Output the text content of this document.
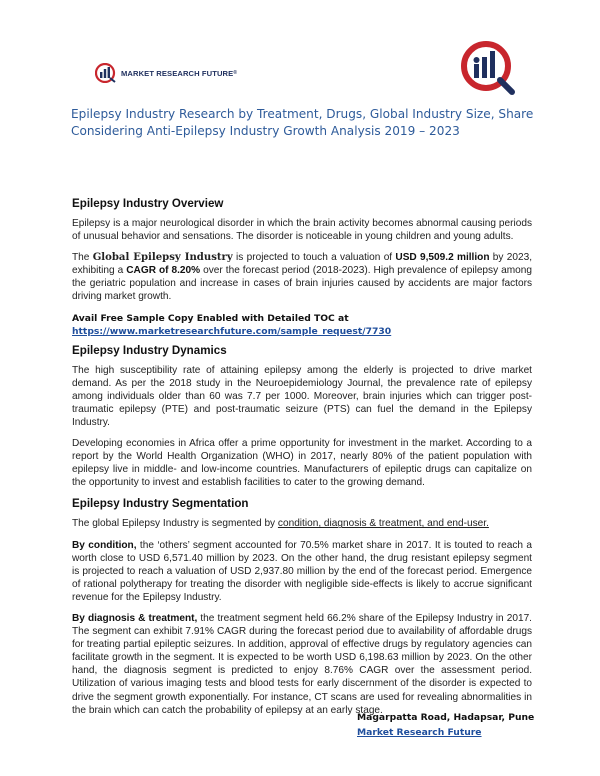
MARKET RESEARCH FUTURE ®
Epilepsy Industry Research by Treatment, Drugs, Global Industry Size, Share Considering Anti-Epilepsy Industry Growth Analysis 2019 – 2023
Epilepsy Industry Overview

Epilepsy is a major neurological disorder in which the brain activity becomes abnormal causing periods of unusual behavior and sensations. The disorder is noticeable in young children and young adults.

The Global Epilepsy Industry is projected to touch a valuation of USD 9,509.2 million by 2023, exhibiting a CAGR of 8.20% over the forecast period (2018-2023). High prevalence of epilepsy among the geriatric population and increase in cases of brain injuries caused by accidents are major factors driving market growth.

Avail Free Sample Copy Enabled with Detailed TOC at
https://www.marketresearchfuture.com/sample_request/7730
Epilepsy Industry Dynamics

The high susceptibility rate of attaining epilepsy among the elderly is projected to drive market demand. As per the 2018 study in the Neuroepidemiology Journal, the prevalence rate of epilepsy among individuals older than 60 was 7.7 per 1000. Moreover, brain injuries which can trigger post-traumatic epilepsy (PTE) and post-traumatic seizure (PTS) can fuel the demand in the Epilepsy Industry.

Developing economies in Africa offer a prime opportunity for investment in the market. According to a report by the World Health Organization (WHO) in 2017, nearly 80% of the patient population with epilepsy live in middle- and low-income countries. Manufacturers of epileptic drugs can capitalize on the opportunity to invest and establish facilities to cater to the growing demand.

Epilepsy Industry Segmentation

The global Epilepsy Industry is segmented by condition, diagnosis & treatment, and end-user.

By condition, the ‘others’ segment accounted for 70.5% market share in 2017. It is touted to reach a worth close to USD 6,571.40 million by 2023. On the other hand, the drug resistant epilepsy segment is projected to reach a valuation of USD 2,937.80 million by the end of the forecast period. Emergence of rational polytherapy for treating the disorder with negligible side-effects is likely to accrue significant revenue for the Epilepsy Industry.

By diagnosis & treatment, the treatment segment held 66.2% share of the Epilepsy Industry in 2017. The segment can exhibit 7.91% CAGR during the forecast period due to availability of affordable drugs for treating partial epileptic seizures. In addition, approval of effective drugs by regulatory agencies can facilitate growth in the segment. It is expected to be worth USD 6,198.63 million by 2023. On the other hand, the diagnosis segment is predicted to enjoy 8.76% CAGR over the assessment period. Utilization of various imaging tests and blood tests for early discernment of the disorder is expected to drive the segment growth exponentially. For instance, CT scans are used for revealing abnormalities in the brain which can catch the probability of epilepsy at an early stage.

Magarpatta Road, Hadapsar, Pune
Market Research Future
